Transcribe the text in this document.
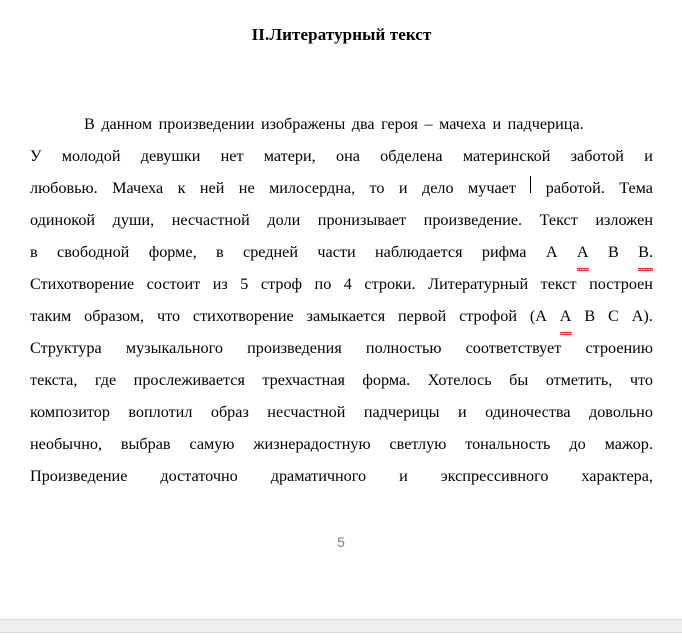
II.Литературный текст
В данном произведении изображены два героя – мачеха и падчерица.
У молодой девушки нет матери, она обделена материнской заботой и
любовью. Мачеха к ней не милосердна, то и дело мучает работой. Тема
одинокой души, несчастной доли пронизывает произведение. Текст изложен
в свободной форме, в средней части наблюдается рифма А А В В.
Стихотворение состоит из 5 строф по 4 строки. Литературный текст построен
таким образом, что стихотворение замыкается первой строфой (А А В С А).
Структура музыкального произведения полностью соответствует строению
текста, где прослеживается трехчастная форма. Хотелось бы отметить, что
композитор воплотил образ несчастной падчерицы и одиночества довольно
необычно, выбрав самую жизнерадостную светлую тональность до мажор.
Произведение достаточно драматичного и экспрессивного характера,
5
